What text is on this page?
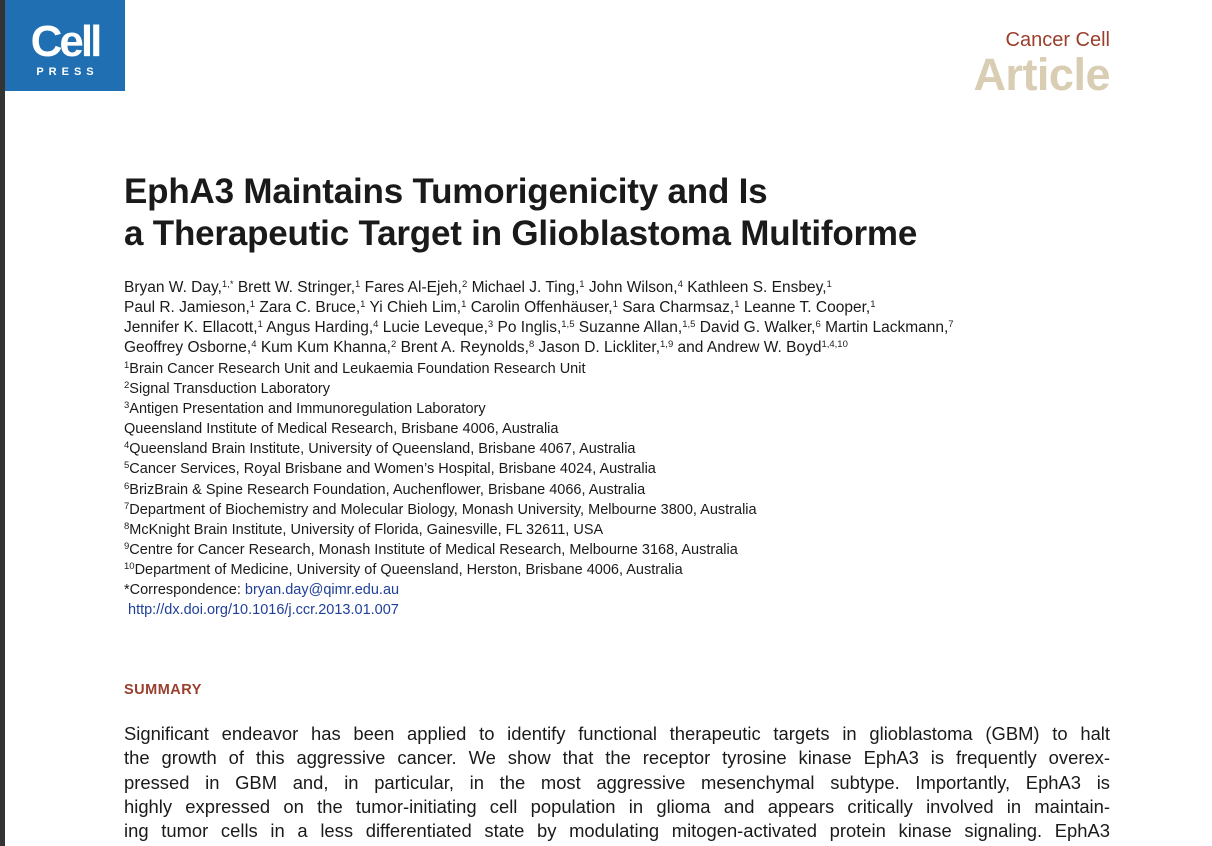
Cell
PRESS
Cancer Cell
Article
EphA3 Maintains Tumorigenicity and Is
a Therapeutic Target in Glioblastoma Multiforme
Bryan W. Day,$^{1,*}$ Brett W. Stringer,$^1$ Fares Al-Ejeh,$^2$ Michael J. Ting,$^1$ John Wilson,$^4$ Kathleen S. Ensbey,$^1$
Paul R. Jamieson,$^1$ Zara C. Bruce,$^1$ Yi Chieh Lim,$^1$ Carolin Offenhäuser,$^1$ Sara Charmsaz,$^1$ Leanne T. Cooper,$^1$
Jennifer K. Ellacott,$^1$ Angus Harding,$^4$ Lucie Leveque,$^3$ Po Inglis,$^{1,5}$ Suzanne Allan,$^{1,5}$ David G. Walker,$^6$ Martin Lackmann,$^7$
Geoffrey Osborne,$^4$ Kum Kum Khanna,$^2$ Brent A. Reynolds,$^8$ Jason D. Lickliter,$^{1,9}$ and Andrew W. Boyd$^{1,4,10}$
$^1$Brain Cancer Research Unit and Leukaemia Foundation Research Unit
$^2$Signal Transduction Laboratory
$^3$Antigen Presentation and Immunoregulation Laboratory
Queensland Institute of Medical Research, Brisbane 4006, Australia
$^4$Queensland Brain Institute, University of Queensland, Brisbane 4067, Australia
$^5$Cancer Services, Royal Brisbane and Women’s Hospital, Brisbane 4024, Australia
$^6$BrizBrain & Spine Research Foundation, Auchenflower, Brisbane 4066, Australia
$^7$Department of Biochemistry and Molecular Biology, Monash University, Melbourne 3800, Australia
$^8$McKnight Brain Institute, University of Florida, Gainesville, FL 32611, USA
$^9$Centre for Cancer Research, Monash Institute of Medical Research, Melbourne 3168, Australia
$^{10}$Department of Medicine, University of Queensland, Herston, Brisbane 4006, Australia
*Correspondence: bryan.day@qimr.edu.au
http://dx.doi.org/10.1016/j.ccr.2013.01.007
SUMMARY
Significant endeavor has been applied to identify functional therapeutic targets in glioblastoma (GBM) to halt
the growth of this aggressive cancer. We show that the receptor tyrosine kinase EphA3 is frequently overex-
pressed in GBM and, in particular, in the most aggressive mesenchymal subtype. Importantly, EphA3 is
highly expressed on the tumor-initiating cell population in glioma and appears critically involved in maintain-
ing tumor cells in a less differentiated state by modulating mitogen-activated protein kinase signaling. EphA3
